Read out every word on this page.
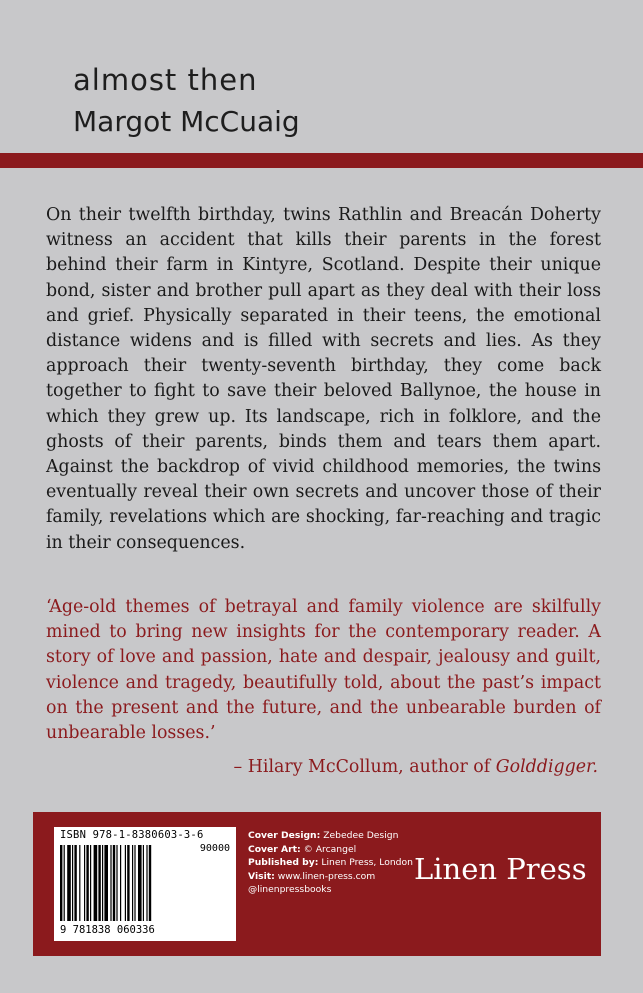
almost then
Margot McCuaig
On their twelfth birthday, twins Rathlin and Breacán Doherty witness an accident that kills their parents in the forest behind their farm in Kintyre, Scotland. Despite their unique bond, sister and brother pull apart as they deal with their loss and grief. Physically separated in their teens, the emotional distance widens and is filled with secrets and lies. As they approach their twenty-seventh birthday, they come back together to fight to save their beloved Ballynoe, the house in which they grew up. Its landscape, rich in folklore, and the ghosts of their parents, binds them and tears them apart. Against the backdrop of vivid childhood memories, the twins eventually reveal their own secrets and uncover those of their family, revelations which are shocking, far-reaching and tragic in their consequences.
‘Age-old themes of betrayal and family violence are skilfully mined to bring new insights for the contemporary reader. A story of love and passion, hate and despair, jealousy and guilt, violence and tragedy, beautifully told, about the past’s impact on the present and the future, and the unbearable burden of unbearable losses.’
– Hilary McCollum, author of Golddigger.
ISBN 978-1-8380603-3-6
90000
9 781838 060336
Cover Design: Zebedee Design
Cover Art: © Arcangel
Published by: Linen Press, London
Visit: www.linen-press.com
@linenpressbooks
Linen Press
